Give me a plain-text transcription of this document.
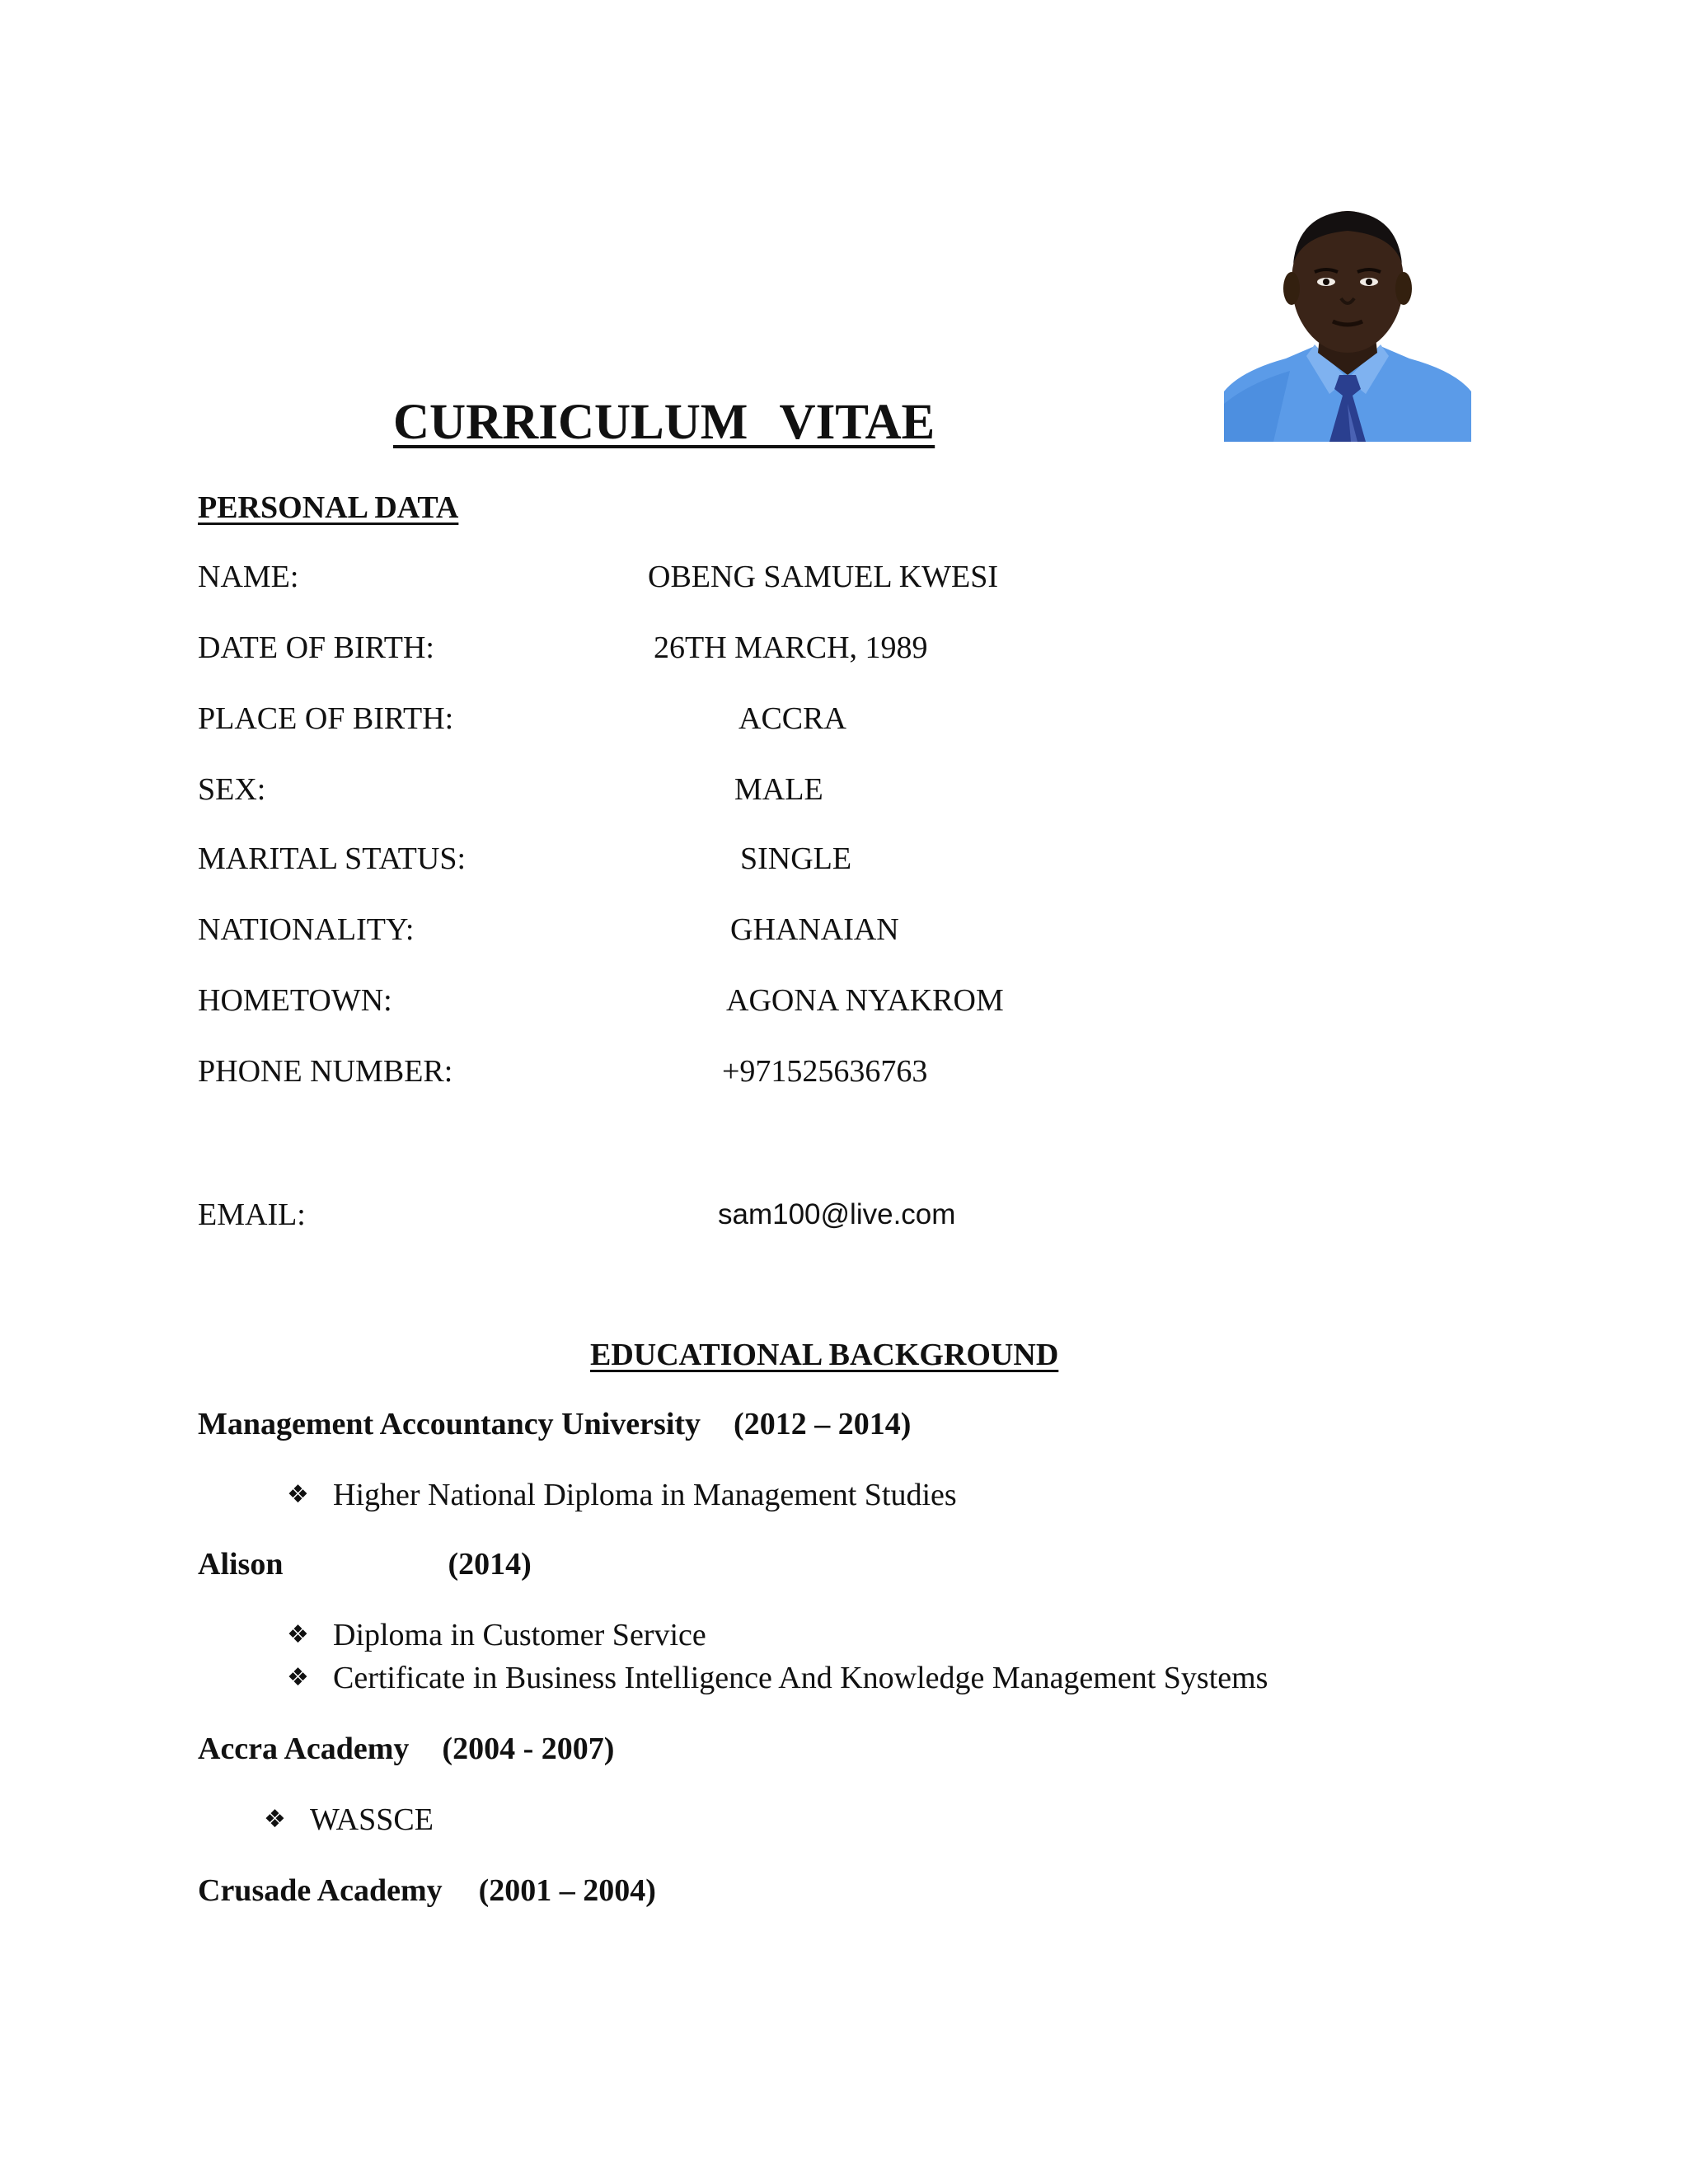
CURRICULUM VITAE
PERSONAL DATA
NAME:	OBENG SAMUEL KWESI
DATE OF BIRTH:	26TH MARCH, 1989
PLACE OF BIRTH:	ACCRA
SEX:	MALE
MARITAL STATUS:	SINGLE
NATIONALITY:	GHANAIAN
HOMETOWN:	AGONA NYAKROM
PHONE NUMBER:	+971525636763
EMAIL:	sam100@live.com
EDUCATIONAL BACKGROUND
Management Accountancy University (2012 – 2014)
❖ Higher National Diploma in Management Studies
Alison	(2014)
❖ Diploma in Customer Service
❖ Certificate in Business Intelligence And Knowledge Management Systems
Accra Academy (2004 - 2007)
❖ WASSCE
Crusade Academy (2001 – 2004)
